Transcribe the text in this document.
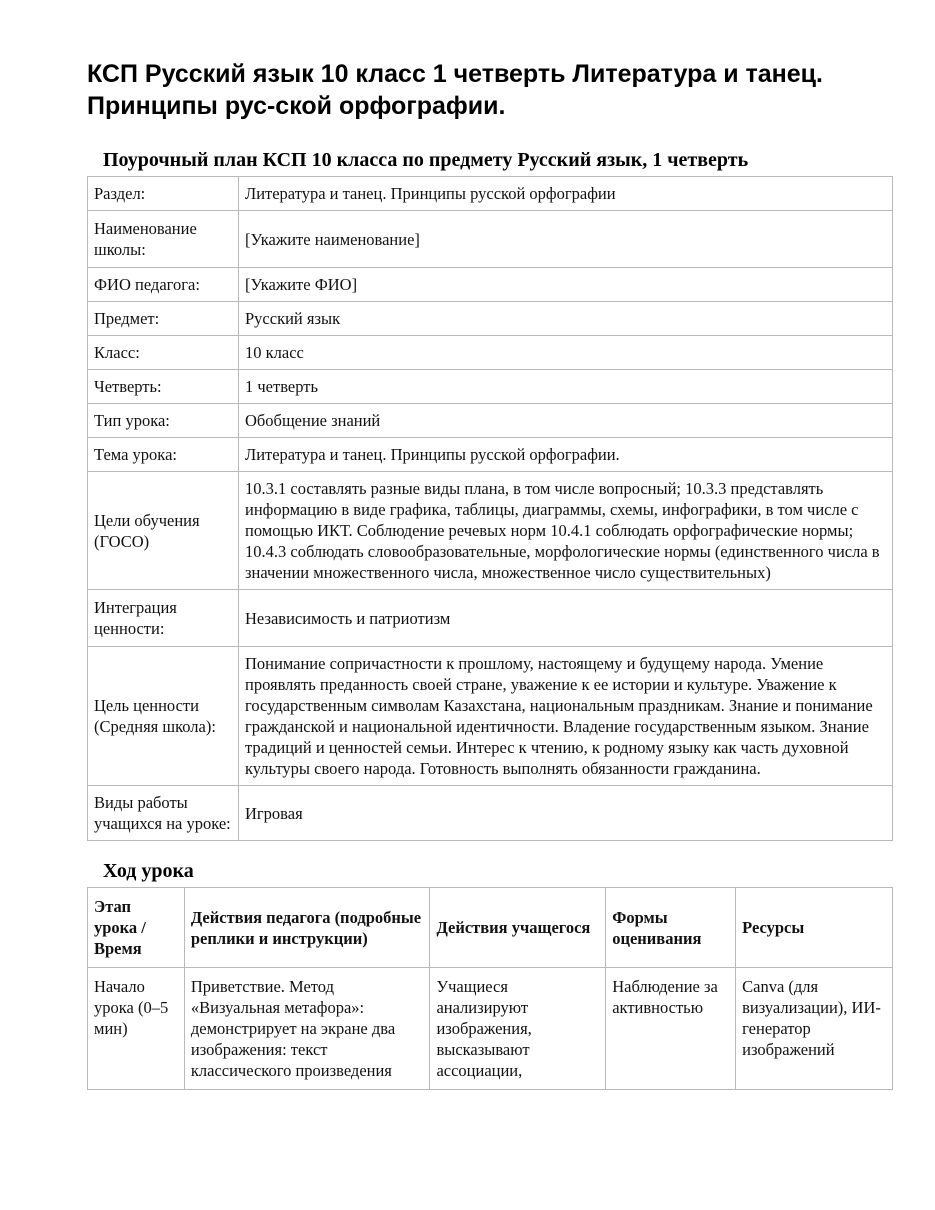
КСП Русский язык 10 класс 1 четверть Литература и танец. Принципы рус-ской орфографии.
Поурочный план КСП 10 класса по предмету Русский язык, 1 четверть
Раздел:	Литература и танец. Принципы русской орфографии
Наименование школы:	[Укажите наименование]
ФИО педагога:	[Укажите ФИО]
Предмет:	Русский язык
Класс:	10 класс
Четверть:	1 четверть
Тип урока:	Обобщение знаний
Тема урока:	Литература и танец. Принципы русской орфографии.
Цели обучения (ГОСО)	10.3.1 составлять разные виды плана, в том числе вопросный; 10.3.3 представлять информацию в виде графика, таблицы, диаграммы, схемы, инфографики, в том числе с помощью ИКТ. Соблюдение речевых норм 10.4.1 соблюдать орфографические нормы; 10.4.3 соблюдать словообразовательные, морфологические нормы (единственного числа в значении множественного числа, множественное число существительных)
Интеграция ценности:	Независимость и патриотизм
Цель ценности (Средняя школа):	Понимание сопричастности к прошлому, настоящему и будущему народа. Умение проявлять преданность своей стране, уважение к ее истории и культуре. Уважение к государственным символам Казахстана, национальным праздникам. Знание и понимание гражданской и национальной идентичности. Владение государственным языком. Знание традиций и ценностей семьи. Интерес к чтению, к родному языку как часть духовной культуры своего народа. Готовность выполнять обязанности гражданина.
Виды работы учащихся на уроке:	Игровая
Ход урока
Этап урока / Время	Действия педагога (подробные реплики и инструкции)	Действия учащегося	Формы оценивания	Ресурсы
Начало урока (0–5 мин)	Приветствие. Метод «Визуальная метафора»: демонстрирует на экране два изображения: текст классического произведения	Учащиеся анализируют изображения, высказывают ассоциации,	Наблюдение за активностью	Canva (для визуализации), ИИ-генератор изображений
